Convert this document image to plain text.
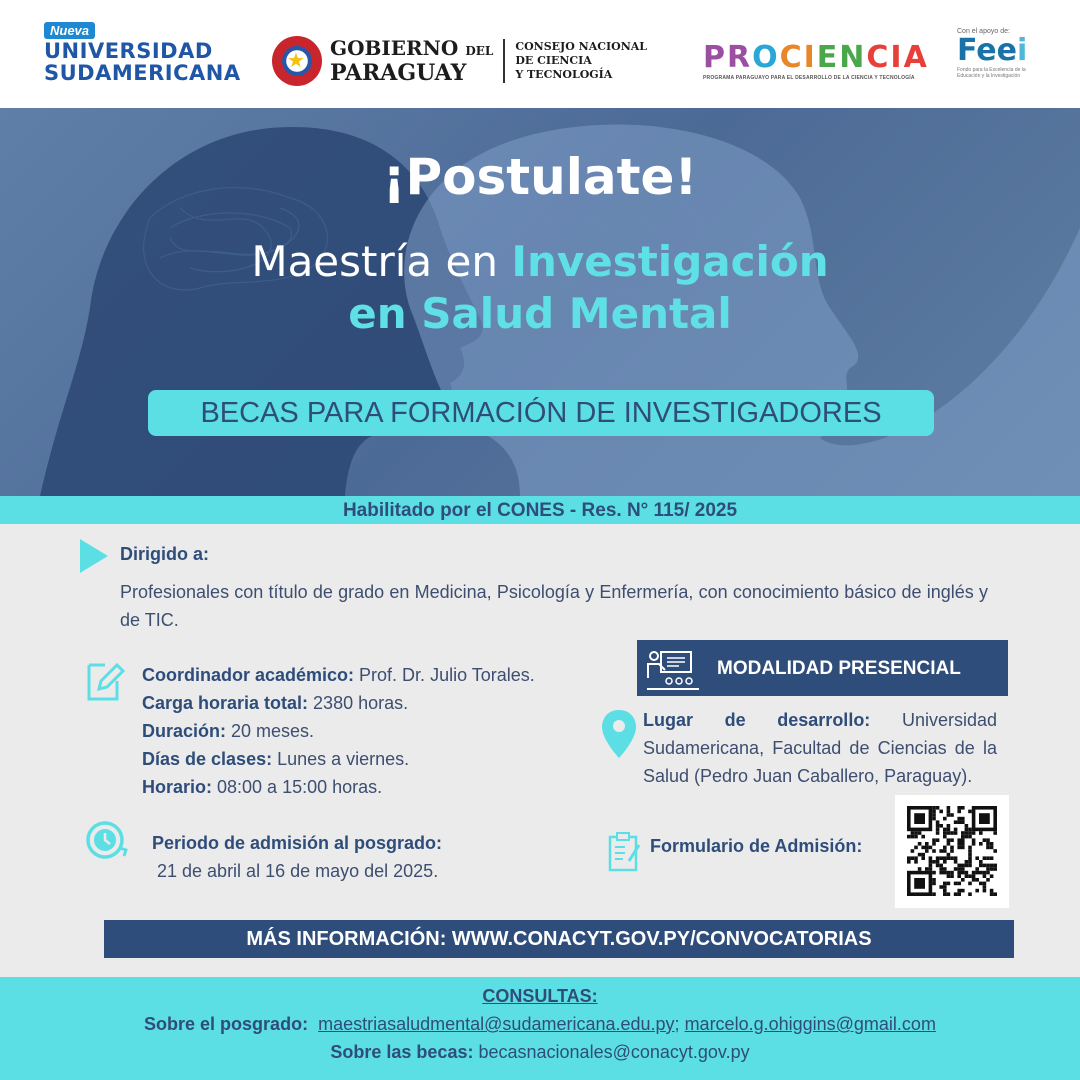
Nueva
UNIVERSIDAD
SUDAMERICANA ★
GOBIERNO DEL
PARAGUAY
CONSEJO NACIONAL
DE CIENCIA
Y TECNOLOGÍA	PROCIENCIA
PROGRAMA PARAGUAYO PARA EL DESARROLLO DE LA CIENCIA Y TECNOLOGÍA
Con el apoyo de:
Feei
Fondo para la Excelencia de la Educación y la Investigación
¡Postulate!
Maestría en Investigación
en Salud Mental
BECAS PARA FORMACIÓN DE INVESTIGADORES
Habilitado por el CONES - Res. N° 115/ 2025
Dirigido a:
Profesionales con título de grado en Medicina, Psicología y Enfermería, con conocimiento básico de inglés y de TIC.
Coordinador académico: Prof. Dr. Julio Torales.
Carga horaria total: 2380 horas.
Duración: 20 meses.
Días de clases: Lunes a viernes.
Horario: 08:00 a 15:00 horas.
Periodo de admisión al posgrado:
21 de abril al 16 de mayo del 2025.
MODALIDAD PRESENCIAL
Lugar de desarrollo: Universidad Sudamericana, Facultad de Ciencias de la Salud (Pedro Juan Caballero, Paraguay).
Formulario de Admisión:
MÁS INFORMACIÓN: WWW.CONACYT.GOV.PY/CONVOCATORIAS
CONSULTAS:
Sobre el posgrado: maestriasaludmental@sudamericana.edu.py; marcelo.g.ohiggins@gmail.com
Sobre las becas: becasnacionales@conacyt.gov.py
